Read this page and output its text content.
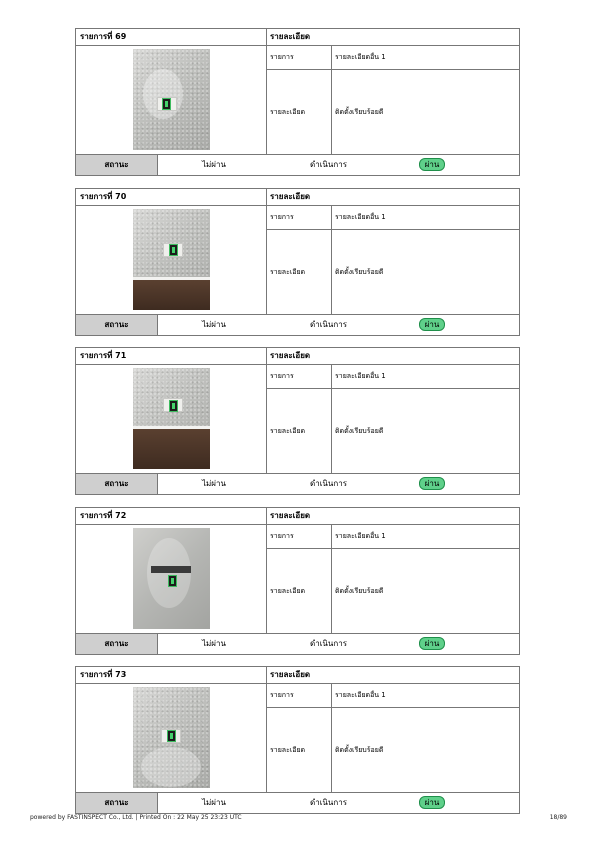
รายการที่ 69	รายละเอียด
รายการ	รายละเอียดอื่น 1
รายละเอียด	ติดตั้งเรียบร้อยดี
สถานะ	ไม่ผ่าน	ดำเนินการ	ผ่าน
รายการที่ 70	รายละเอียด
รายการ	รายละเอียดอื่น 1
รายละเอียด	ติดตั้งเรียบร้อยดี
สถานะ	ไม่ผ่าน	ดำเนินการ	ผ่าน
รายการที่ 71	รายละเอียด
รายการ	รายละเอียดอื่น 1
รายละเอียด	ติดตั้งเรียบร้อยดี
สถานะ	ไม่ผ่าน	ดำเนินการ	ผ่าน
รายการที่ 72	รายละเอียด
รายการ	รายละเอียดอื่น 1
รายละเอียด	ติดตั้งเรียบร้อยดี
สถานะ	ไม่ผ่าน	ดำเนินการ	ผ่าน
รายการที่ 73	รายละเอียด
รายการ	รายละเอียดอื่น 1
รายละเอียด	ติดตั้งเรียบร้อยดี
สถานะ	ไม่ผ่าน	ดำเนินการ	ผ่าน
powered by FASTINSPECT Co., Ltd. | Printed On : 22 May 25 23:23 UTC	18/89
